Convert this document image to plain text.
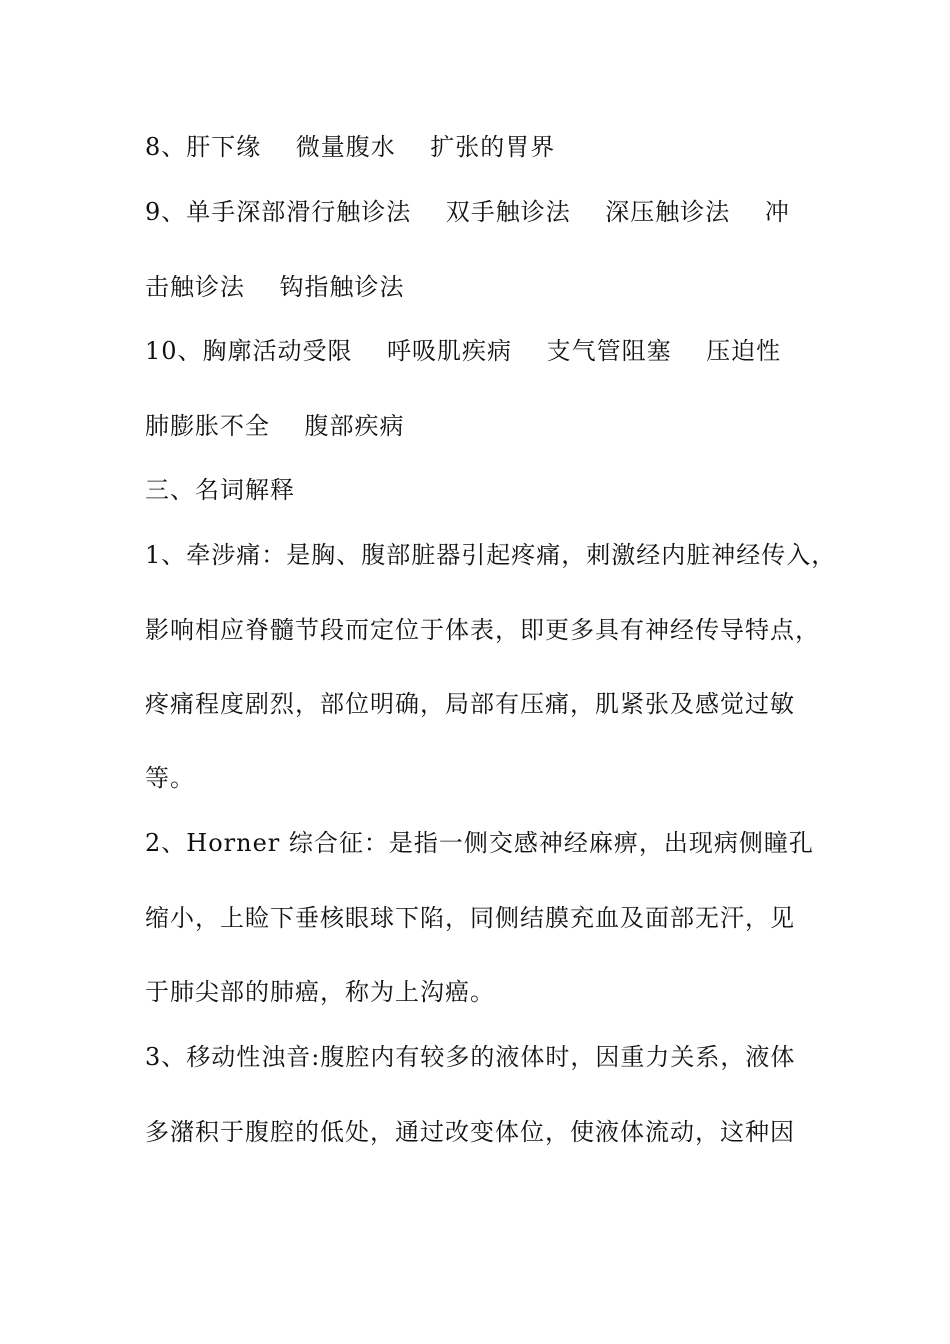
8、肝下缘    微量腹水    扩张的胃界
9、单手深部滑行触诊法    双手触诊法    深压触诊法    冲
击触诊法    钩指触诊法
10、胸廓活动受限    呼吸肌疾病    支气管阻塞    压迫性
肺膨胀不全    腹部疾病
三、名词解释
1、牵涉痛：是胸、腹部脏器引起疼痛，刺激经内脏神经传入，
影响相应脊髓节段而定位于体表，即更多具有神经传导特点，
疼痛程度剧烈，部位明确，局部有压痛，肌紧张及感觉过敏
等。
2、Horner 综合征：是指一侧交感神经麻痹，出现病侧瞳孔
缩小，上睑下垂核眼球下陷，同侧结膜充血及面部无汗，见
于肺尖部的肺癌，称为上沟癌。
3、移动性浊音:腹腔内有较多的液体时，因重力关系，液体
多潴积于腹腔的低处，通过改变体位，使液体流动，这种因
